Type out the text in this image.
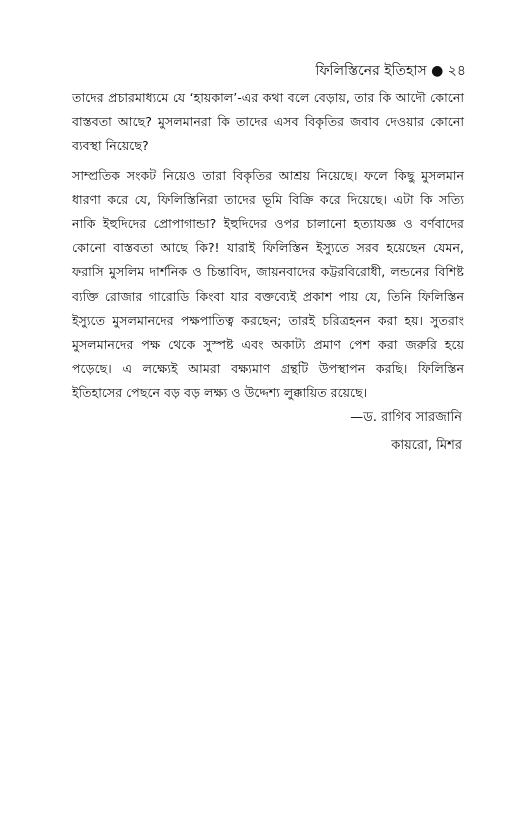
ফিলিস্তিনের ইতিহাস ● ২৪

তাদের প্রচারমাধ্যমে যে ‘হায়কাল’-এর কথা বলে বেড়ায়, তার কি আদৌ কোনো বাস্তবতা আছে? মুসলমানরা কি তাদের এসব বিকৃতির জবাব দেওয়ার কোনো ব্যবস্থা নিয়েছে?

সাম্প্রতিক সংকট নিয়েও তারা বিকৃতির আশ্রয় নিয়েছে। ফলে কিছু মুসলমান ধারণা করে যে, ফিলিস্তিনিরা তাদের ভূমি বিক্রি করে দিয়েছে। এটা কি সত্যি নাকি ইহুদিদের প্রোপাগান্ডা? ইহুদিদের ওপর চালানো হত্যাযজ্ঞ ও বর্ণবাদের কোনো বাস্তবতা আছে কি?! যারাই ফিলিস্তিন ইস্যুতে সরব হয়েছেন যেমন, ফরাসি মুসলিম দার্শনিক ও চিন্তাবিদ, জায়নবাদের কট্টরবিরোধী, লন্ডনের বিশিষ্ট ব্যক্তি রোজার গারোডি কিংবা যার বক্তব্যেই প্রকাশ পায় যে, তিনি ফিলিস্তিন ইস্যুতে মুসলমানদের পক্ষপাতিত্ব করছেন; তারই চরিত্রহনন করা হয়। সুতরাং মুসলমানদের পক্ষ থেকে সুস্পষ্ট এবং অকাট্য প্রমাণ পেশ করা জরুরি হয়ে পড়েছে। এ লক্ষ্যেই আমরা বক্ষ্যমাণ গ্রন্থটি উপস্থাপন করছি। ফিলিস্তিন ইতিহাসের পেছনে বড় বড় লক্ষ্য ও উদ্দেশ্য লুক্কায়িত রয়েছে।

—ড. রাগিব সারজানি
কায়রো, মিশর
